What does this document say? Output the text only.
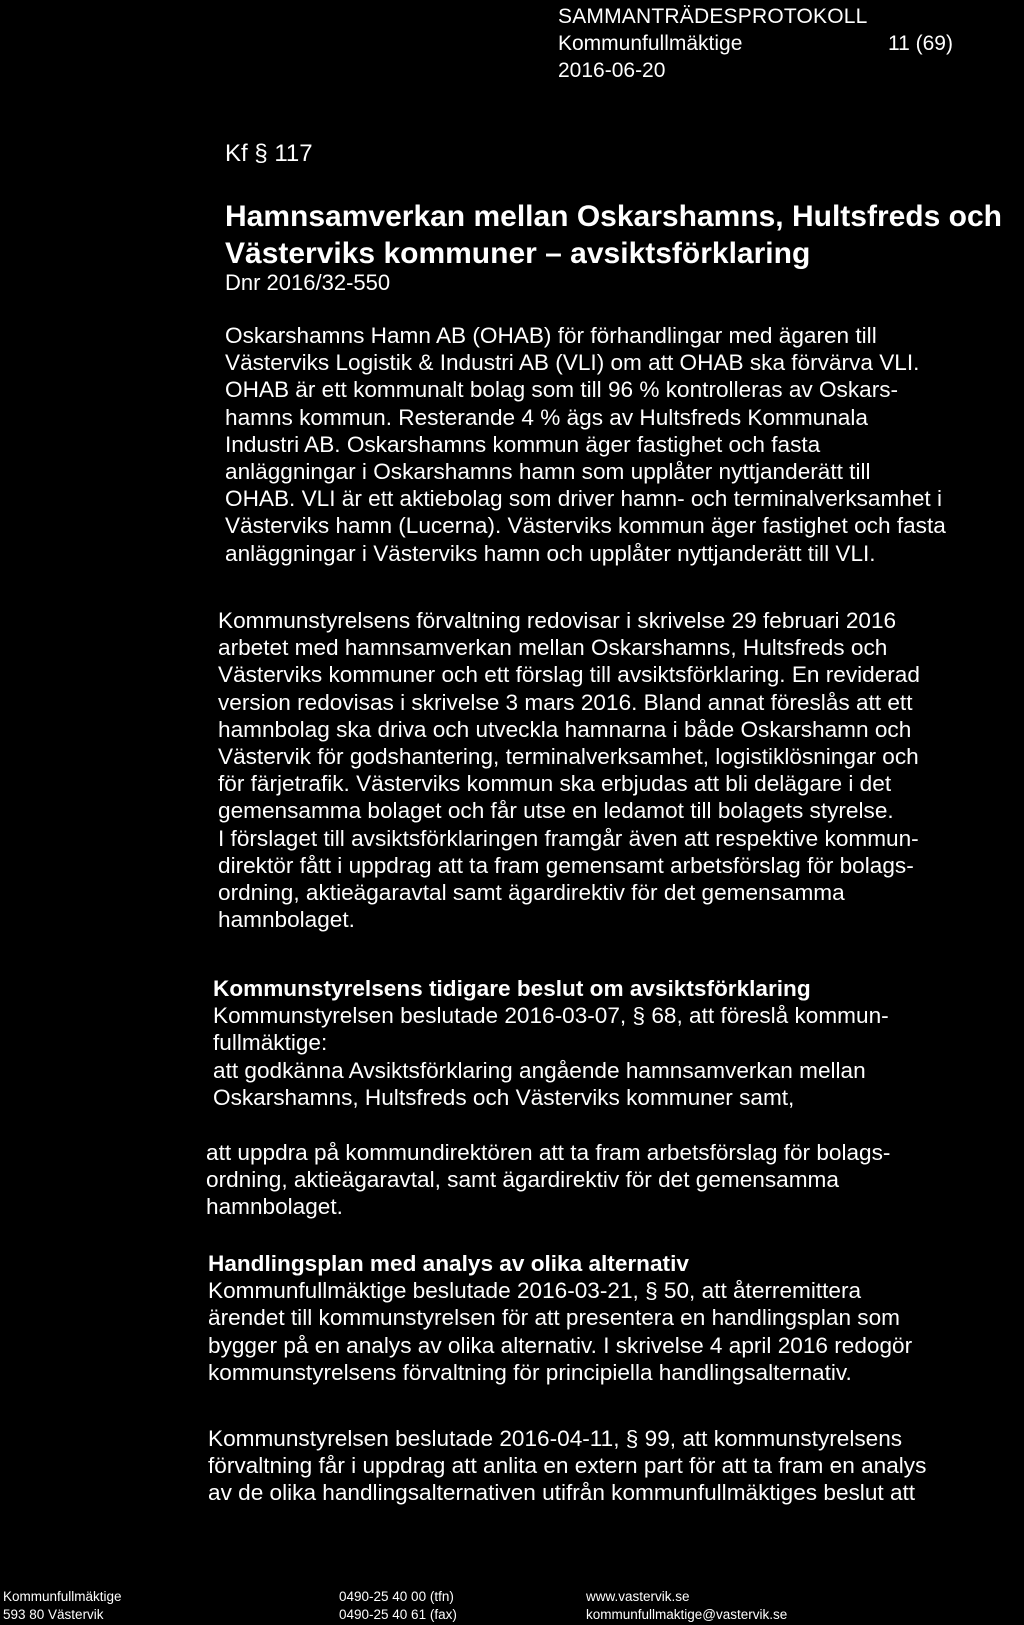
SAMMANTRÄDESPROTOKOLL
Kommunfullmäktige	11 (69)
2016-06-20
Kf § 117
Hamnsamverkan mellan Oskarshamns, Hultsfreds och
Västerviks kommuner – avsiktsförklaring
Dnr 2016/32-550
Oskarshamns Hamn AB (OHAB) för förhandlingar med ägaren till
Västerviks Logistik & Industri AB (VLI) om att OHAB ska förvärva VLI.
OHAB är ett kommunalt bolag som till 96 % kontrolleras av Oskars-
hamns kommun. Resterande 4 % ägs av Hultsfreds Kommunala
Industri AB. Oskarshamns kommun äger fastighet och fasta
anläggningar i Oskarshamns hamn som upplåter nyttjanderätt till
OHAB. VLI är ett aktiebolag som driver hamn- och terminalverksamhet i
Västerviks hamn (Lucerna). Västerviks kommun äger fastighet och fasta
anläggningar i Västerviks hamn och upplåter nyttjanderätt till VLI.
Kommunstyrelsens förvaltning redovisar i skrivelse 29 februari 2016
arbetet med hamnsamverkan mellan Oskarshamns, Hultsfreds och
Västerviks kommuner och ett förslag till avsiktsförklaring. En reviderad
version redovisas i skrivelse 3 mars 2016. Bland annat föreslås att ett
hamnbolag ska driva och utveckla hamnarna i både Oskarshamn och
Västervik för godshantering, terminalverksamhet, logistiklösningar och
för färjetrafik. Västerviks kommun ska erbjudas att bli delägare i det
gemensamma bolaget och får utse en ledamot till bolagets styrelse.
I förslaget till avsiktsförklaringen framgår även att respektive kommun-
direktör fått i uppdrag att ta fram gemensamt arbetsförslag för bolags-
ordning, aktieägaravtal samt ägardirektiv för det gemensamma
hamnbolaget.
Kommunstyrelsens tidigare beslut om avsiktsförklaring
Kommunstyrelsen beslutade 2016-03-07, § 68, att föreslå kommun-
fullmäktige:
att godkänna Avsiktsförklaring angående hamnsamverkan mellan
Oskarshamns, Hultsfreds och Västerviks kommuner samt,
att uppdra på kommundirektören att ta fram arbetsförslag för bolags-
ordning, aktieägaravtal, samt ägardirektiv för det gemensamma
hamnbolaget.
Handlingsplan med analys av olika alternativ
Kommunfullmäktige beslutade 2016-03-21, § 50, att återremittera
ärendet till kommunstyrelsen för att presentera en handlingsplan som
bygger på en analys av olika alternativ. I skrivelse 4 april 2016 redogör
kommunstyrelsens förvaltning för principiella handlingsalternativ.
Kommunstyrelsen beslutade 2016-04-11, § 99, att kommunstyrelsens
förvaltning får i uppdrag att anlita en extern part för att ta fram en analys
av de olika handlingsalternativen utifrån kommunfullmäktiges beslut att
Kommunfullmäktige
593 80 Västervik
0490-25 40 00 (tfn)
0490-25 40 61 (fax)
www.vastervik.se
kommunfullmaktige@vastervik.se
